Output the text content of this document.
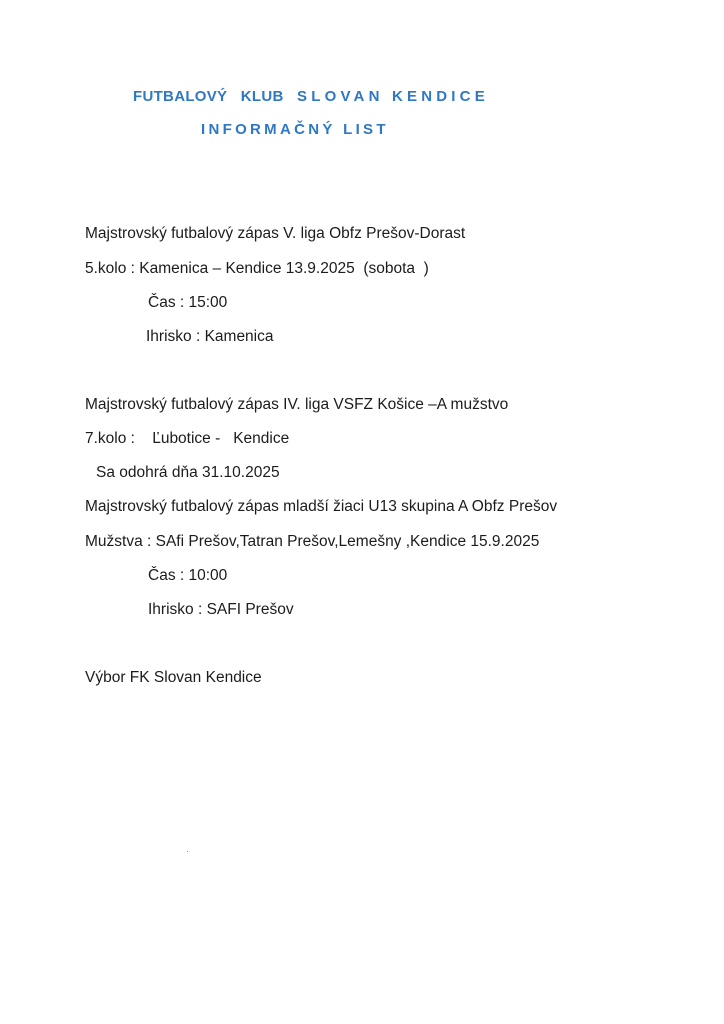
FUTBALOVÝ   KLUB SLOVAN KENDICE
INFORMAČNÝ LIST
Majstrovský futbalový zápas V. liga Obfz Prešov-Dorast
5.kolo : Kamenica – Kendice 13.9.2025  (sobota  )
Čas : 15:00
Ihrisko : Kamenica
Majstrovský futbalový zápas IV. liga VSFZ Košice –A mužstvo
7.kolo :    Ľubotice -   Kendice
Sa odohrá dňa 31.10.2025
Majstrovský futbalový zápas mladší žiaci U13 skupina A Obfz Prešov
Mužstva : SAfi Prešov,Tatran Prešov,Lemešny ,Kendice 15.9.2025
Čas : 10:00
Ihrisko : SAFI Prešov
Výbor FK Slovan Kendice
